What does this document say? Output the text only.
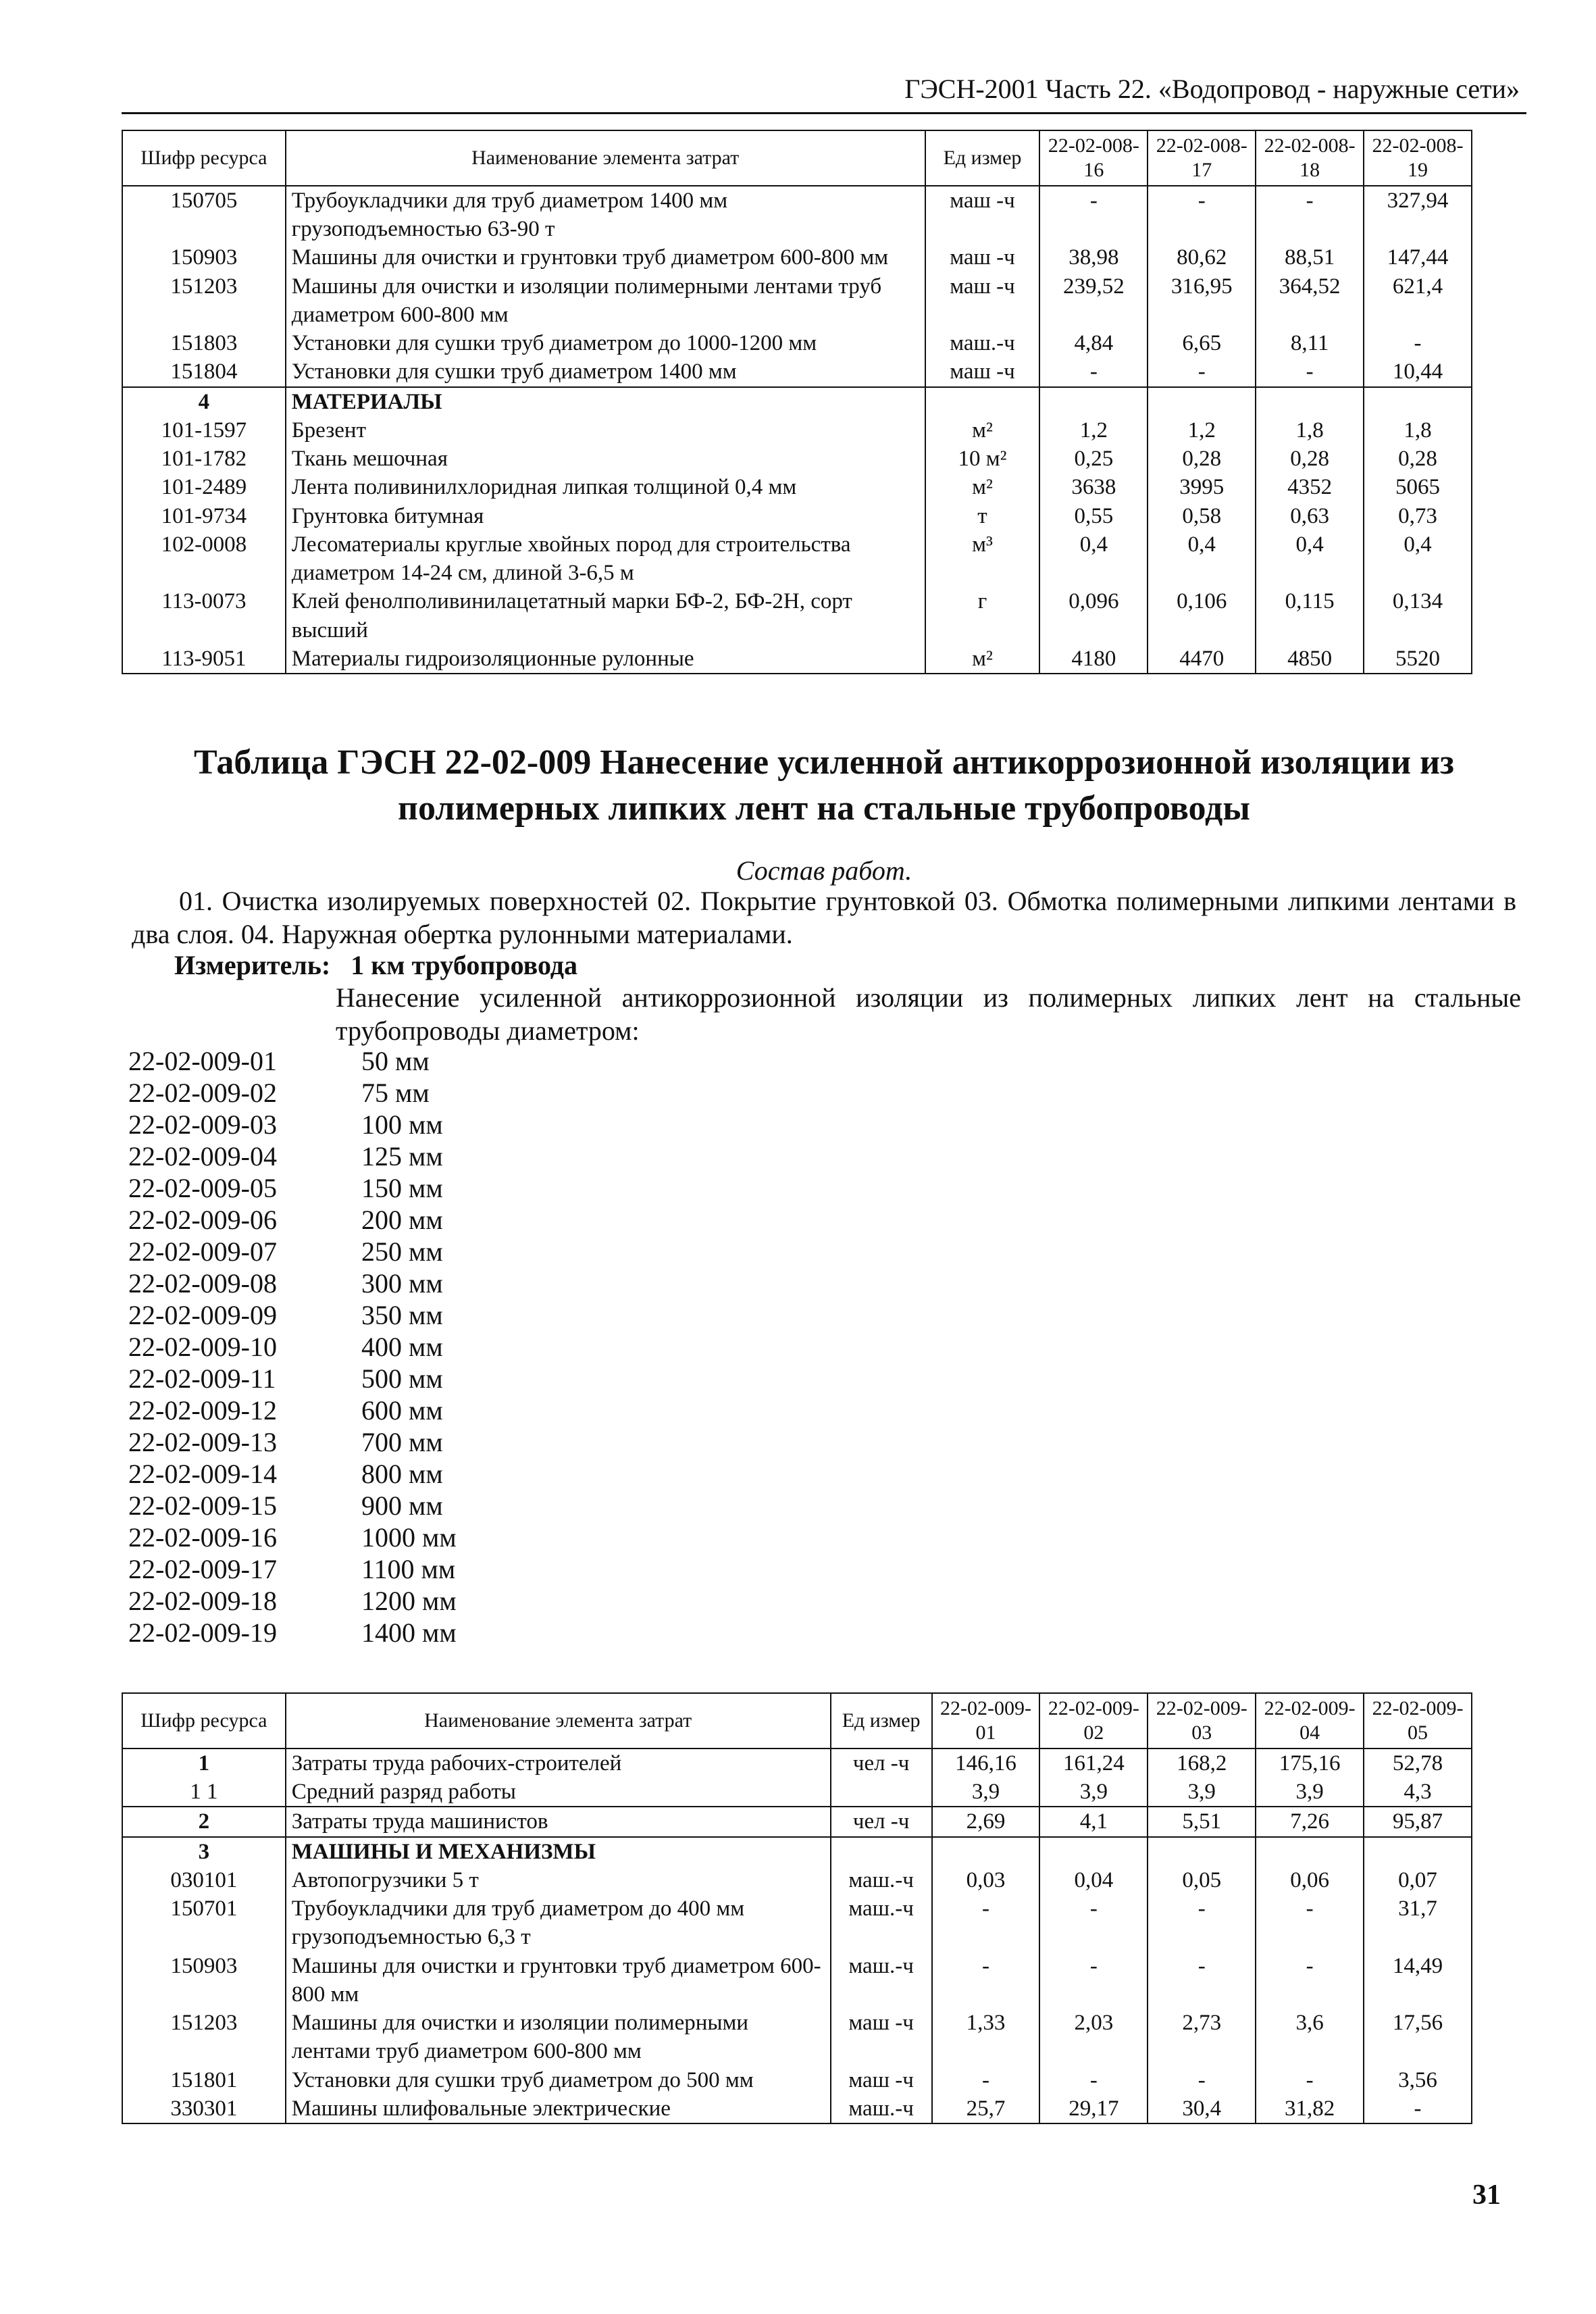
ГЭСН-2001 Часть 22. «Водопровод - наружные сети»
Шифр ресурса	Наименование элемента затрат	Ед измер	22-02-008-16	22-02-008-17	22-02-008-18	22-02-008-19
150705	Трубоукладчики для труб диаметром 1400 мм грузоподъемностью 63-90 т	маш -ч	-	-	-	327,94
150903	Машины для очистки и грунтовки труб диаметром 600-800 мм	маш -ч	38,98	80,62	88,51	147,44
151203	Машины для очистки и изоляции полимерными лентами труб диаметром 600-800 мм	маш -ч	239,52	316,95	364,52	621,4
151803	Установки для сушки труб диаметром до 1000-1200 мм	маш.-ч	4,84	6,65	8,11	-
151804	Установки для сушки труб диаметром 1400 мм	маш -ч	-	-	-	10,44
4	МАТЕРИАЛЫ					
101-1597	Брезент	м²	1,2	1,2	1,8	1,8
101-1782	Ткань мешочная	10 м²	0,25	0,28	0,28	0,28
101-2489	Лента поливинилхлоридная липкая толщиной 0,4 мм	м²	3638	3995	4352	5065
101-9734	Грунтовка битумная	т	0,55	0,58	0,63	0,73
102-0008	Лесоматериалы круглые хвойных пород для строительства диаметром 14-24 см, длиной 3-6,5 м	м³	0,4	0,4	0,4	0,4
113-0073	Клей фенолполивинилацетатный марки БФ-2, БФ-2Н, сорт высший	г	0,096	0,106	0,115	0,134
113-9051	Материалы гидроизоляционные рулонные	м²	4180	4470	4850	5520
Таблица ГЭСН 22-02-009 Нанесение усиленной антикоррозионной изоляции из полимерных липких лент на стальные трубопроводы
Состав работ.
01. Очистка изолируемых поверхностей 02. Покрытие грунтовкой 03. Обмотка полимерными липкими лентами в два слоя. 04. Наружная обертка рулонными материалами.
Измеритель: 1 км трубопровода
Нанесение усиленной антикоррозионной изоляции из полимерных липких лент на стальные трубопроводы диаметром:
22-02-009-01	50 мм
22-02-009-02	75 мм
22-02-009-03	100 мм
22-02-009-04	125 мм
22-02-009-05	150 мм
22-02-009-06	200 мм
22-02-009-07	250 мм
22-02-009-08	300 мм
22-02-009-09	350 мм
22-02-009-10	400 мм
22-02-009-11	500 мм
22-02-009-12	600 мм
22-02-009-13	700 мм
22-02-009-14	800 мм
22-02-009-15	900 мм
22-02-009-16	1000 мм
22-02-009-17	1100 мм
22-02-009-18	1200 мм
22-02-009-19	1400 мм
Шифр ресурса	Наименование элемента затрат	Ед измер	22-02-009-01	22-02-009-02	22-02-009-03	22-02-009-04	22-02-009-05
1	Затраты труда рабочих-строителей	чел -ч	146,16	161,24	168,2	175,16	52,78
1 1	Средний разряд работы		3,9	3,9	3,9	3,9	4,3
2	Затраты труда машинистов	чел -ч	2,69	4,1	5,51	7,26	95,87
3	МАШИНЫ И МЕХАНИЗМЫ						
030101	Автопогрузчики 5 т	маш.-ч	0,03	0,04	0,05	0,06	0,07
150701	Трубоукладчики для труб диаметром до 400 мм грузоподъемностью 6,3 т	маш.-ч	-	-	-	-	31,7
150903	Машины для очистки и грунтовки труб диаметром 600-800 мм	маш.-ч	-	-	-	-	14,49
151203	Машины для очистки и изоляции полимерными лентами труб диаметром 600-800 мм	маш -ч	1,33	2,03	2,73	3,6	17,56
151801	Установки для сушки труб диаметром до 500 мм	маш -ч	-	-	-	-	3,56
330301	Машины шлифовальные электрические	маш.-ч	25,7	29,17	30,4	31,82	-
31
